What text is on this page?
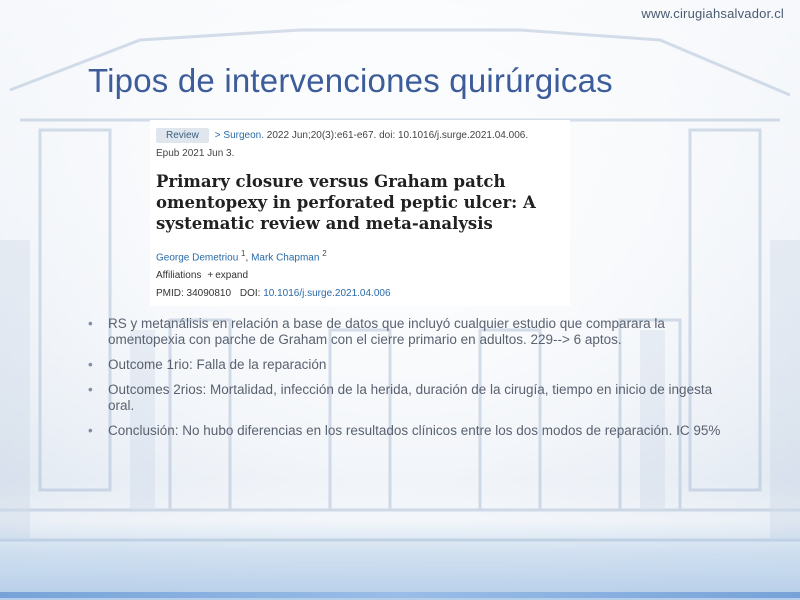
www.cirugiahsalvador.cl
Tipos de intervenciones quirúrgicas
Review > Surgeon. 2022 Jun;20(3):e61-e67. doi: 10.1016/j.surge.2021.04.006.
Epub 2021 Jun 3.
Primary closure versus Graham patch omentopexy in perforated peptic ulcer: A systematic review and meta-analysis
George Demetriou $^1$, Mark Chapman $^2$
Affiliations + expand
PMID: 34090810 DOI: 10.1016/j.surge.2021.04.006
• RS y metanálisis en relación a base de datos que incluyó cualquier estudio que comparara la omentopexia con parche de Graham con el cierre primario en adultos. 229--> 6 aptos.
• Outcome 1rio: Falla de la reparación
• Outcomes 2rios: Mortalidad, infección de la herida, duración de la cirugía, tiempo en inicio de ingesta oral.
• Conclusión: No hubo diferencias en los resultados clínicos entre los dos modos de reparación. IC 95%
